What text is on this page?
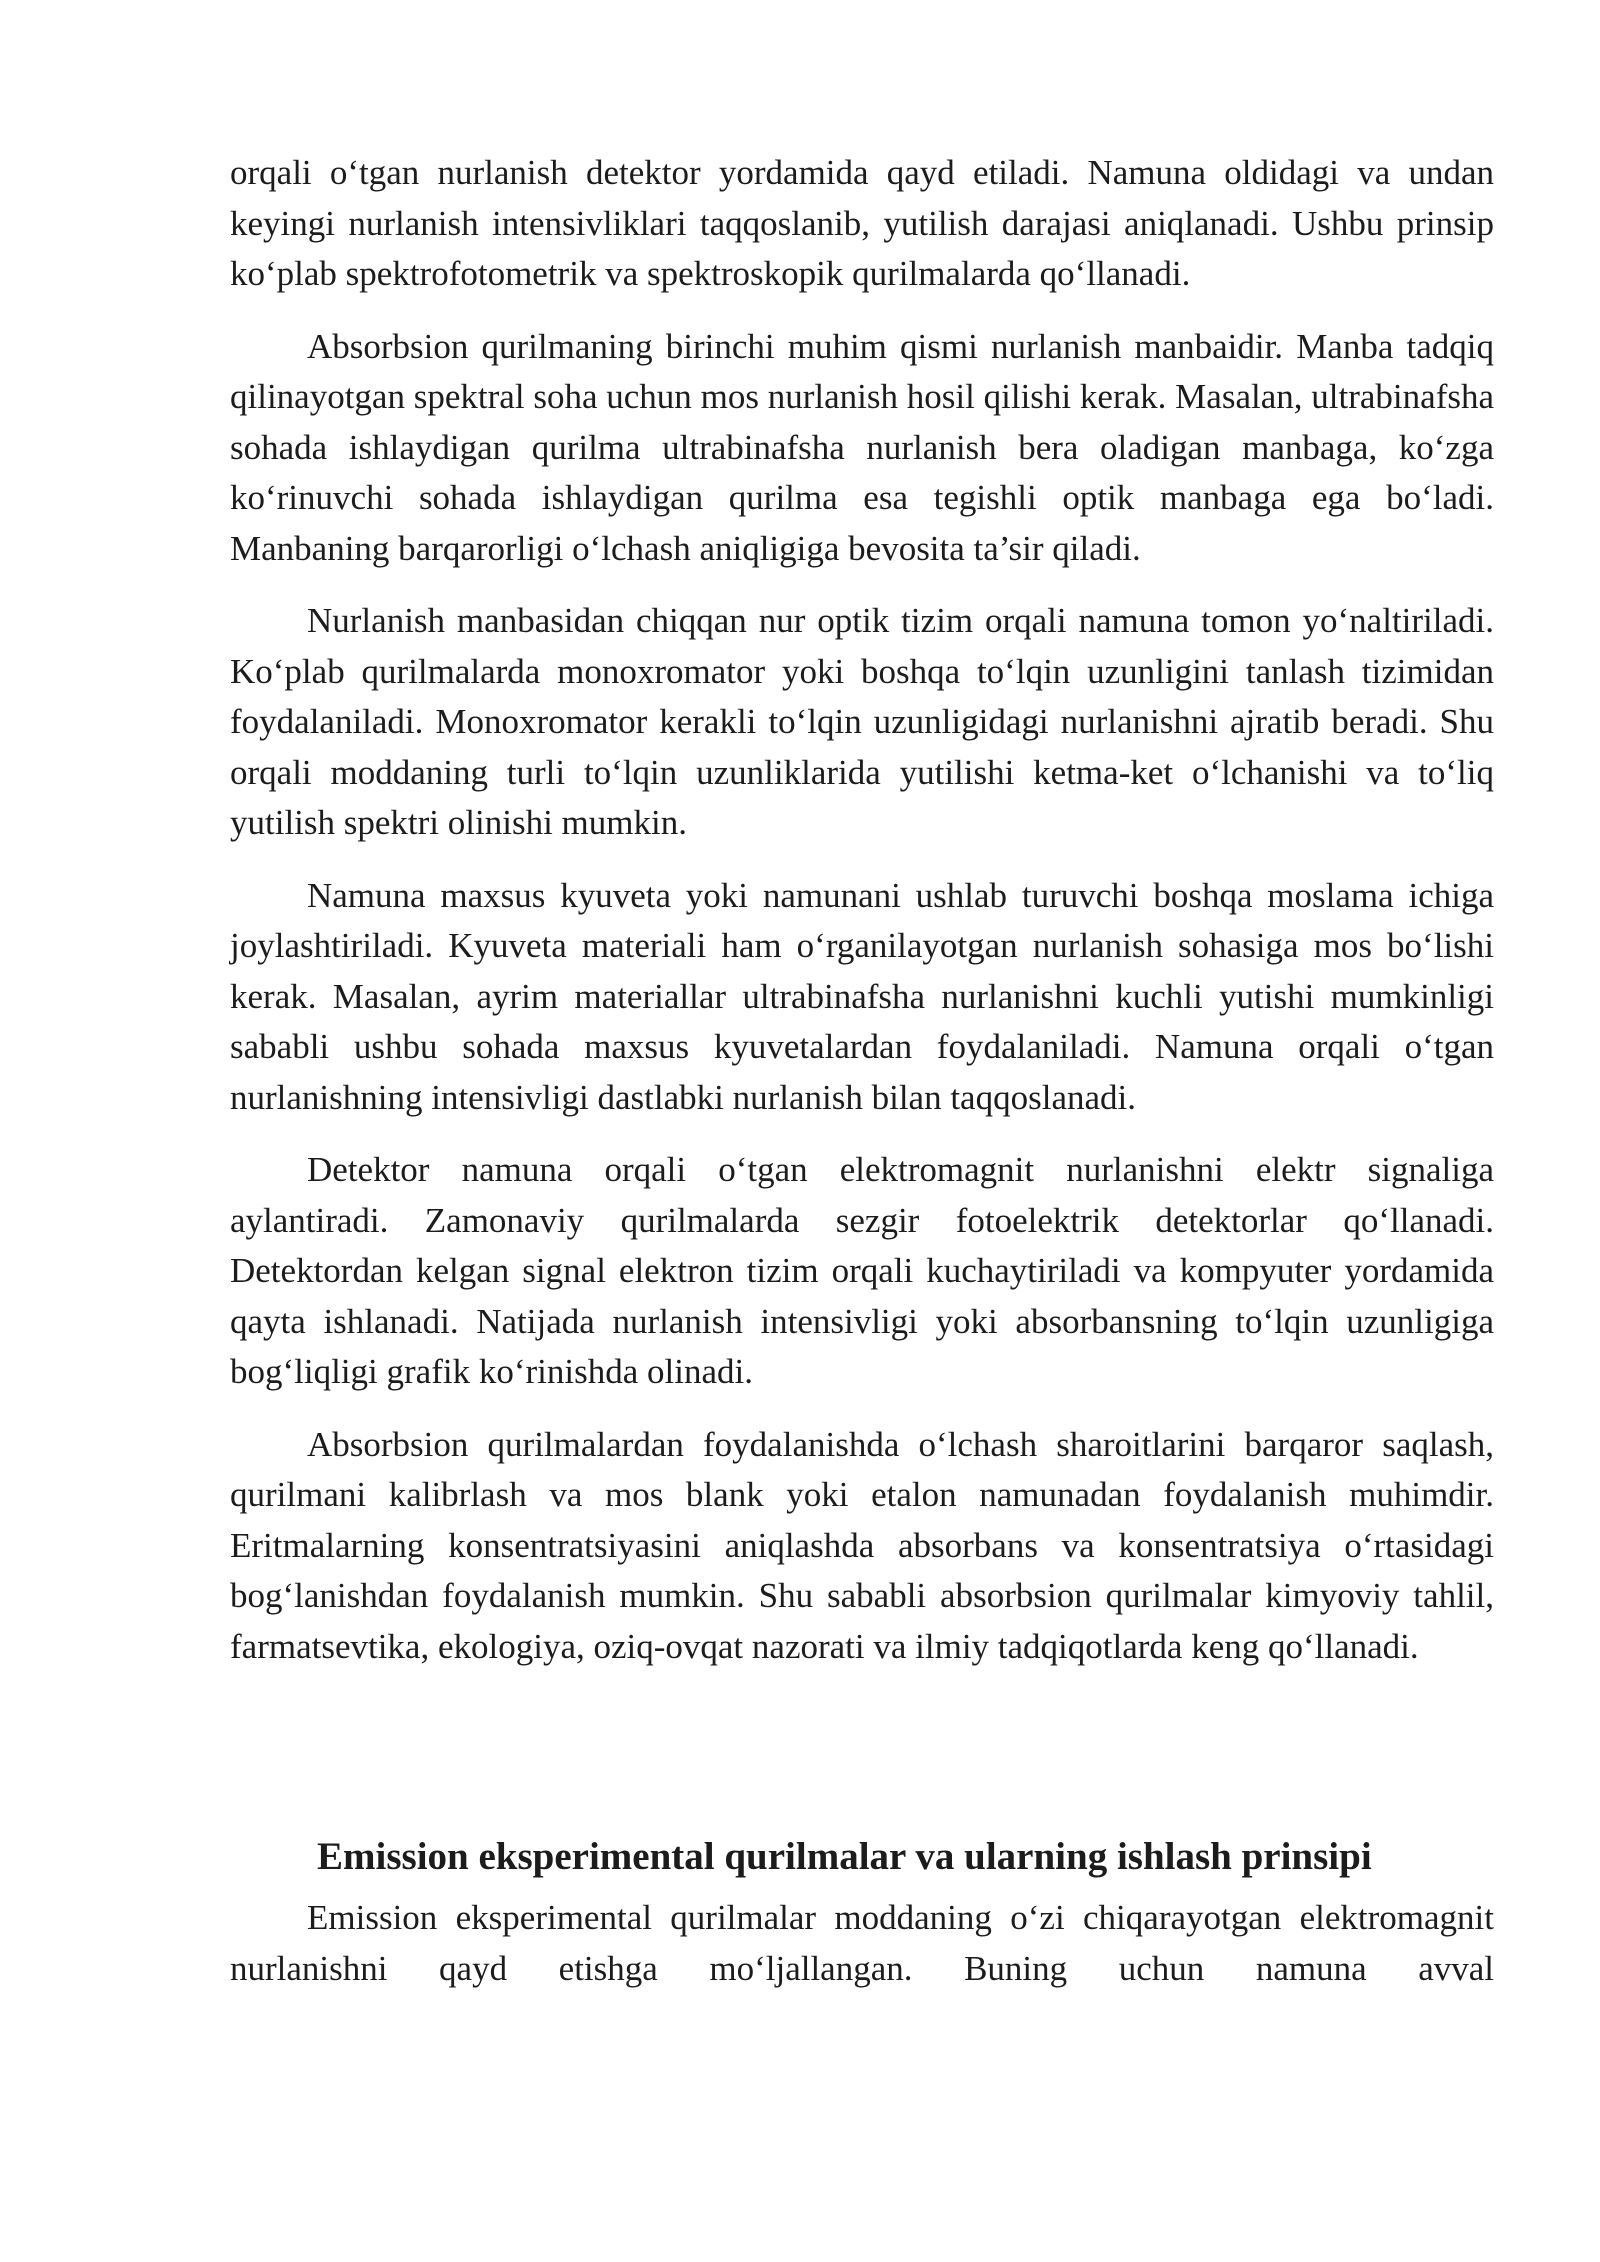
orqali o‘tgan nurlanish detektor yordamida qayd etiladi. Namuna oldidagi va undan keyingi nurlanish intensivliklari taqqoslanib, yutilish darajasi aniqlanadi. Ushbu prinsip ko‘plab spektrofotometrik va spektroskopik qurilmalarda qo‘llanadi.

Absorbsion qurilmaning birinchi muhim qismi nurlanish manbaidir. Manba tadqiq qilinayotgan spektral soha uchun mos nurlanish hosil qilishi kerak. Masalan, ultrabinafsha sohada ishlaydigan qurilma ultrabinafsha nurlanish bera oladigan manbaga, ko‘zga ko‘rinuvchi sohada ishlaydigan qurilma esa tegishli optik manbaga ega bo‘ladi. Manbaning barqarorligi o‘lchash aniqligiga bevosita ta’sir qiladi.

Nurlanish manbasidan chiqqan nur optik tizim orqali namuna tomon yo‘naltiriladi. Ko‘plab qurilmalarda monoxromator yoki boshqa to‘lqin uzunligini tanlash tizimidan foydalaniladi. Monoxromator kerakli to‘lqin uzunligidagi nurlanishni ajratib beradi. Shu orqali moddaning turli to‘lqin uzunliklarida yutilishi ketma-ket o‘lchanishi va to‘liq yutilish spektri olinishi mumkin.

Namuna maxsus kyuveta yoki namunani ushlab turuvchi boshqa moslama ichiga joylashtiriladi. Kyuveta materiali ham o‘rganilayotgan nurlanish sohasiga mos bo‘lishi kerak. Masalan, ayrim materiallar ultrabinafsha nurlanishni kuchli yutishi mumkinligi sababli ushbu sohada maxsus kyuvetalardan foydalaniladi. Namuna orqali o‘tgan nurlanishning intensivligi dastlabki nurlanish bilan taqqoslanadi.

Detektor namuna orqali o‘tgan elektromagnit nurlanishni elektr signaliga aylantiradi. Zamonaviy qurilmalarda sezgir fotoelektrik detektorlar qo‘llanadi. Detektordan kelgan signal elektron tizim orqali kuchaytiriladi va kompyuter yordamida qayta ishlanadi. Natijada nurlanish intensivligi yoki absorbansning to‘lqin uzunligiga bog‘liqligi grafik ko‘rinishda olinadi.

Absorbsion qurilmalardan foydalanishda o‘lchash sharoitlarini barqaror saqlash, qurilmani kalibrlash va mos blank yoki etalon namunadan foydalanish muhimdir. Eritmalarning konsentratsiyasini aniqlashda absorbans va konsentratsiya o‘rtasidagi bog‘lanishdan foydalanish mumkin. Shu sababli absorbsion qurilmalar kimyoviy tahlil, farmatsevtika, ekologiya, oziq-ovqat nazorati va ilmiy tadqiqotlarda keng qo‘llanadi.

Emission eksperimental qurilmalar va ularning ishlash prinsipi

Emission eksperimental qurilmalar moddaning o‘zi chiqarayotgan elektromagnit nurlanishni qayd etishga mo‘ljallangan. Buning uchun namuna avval
